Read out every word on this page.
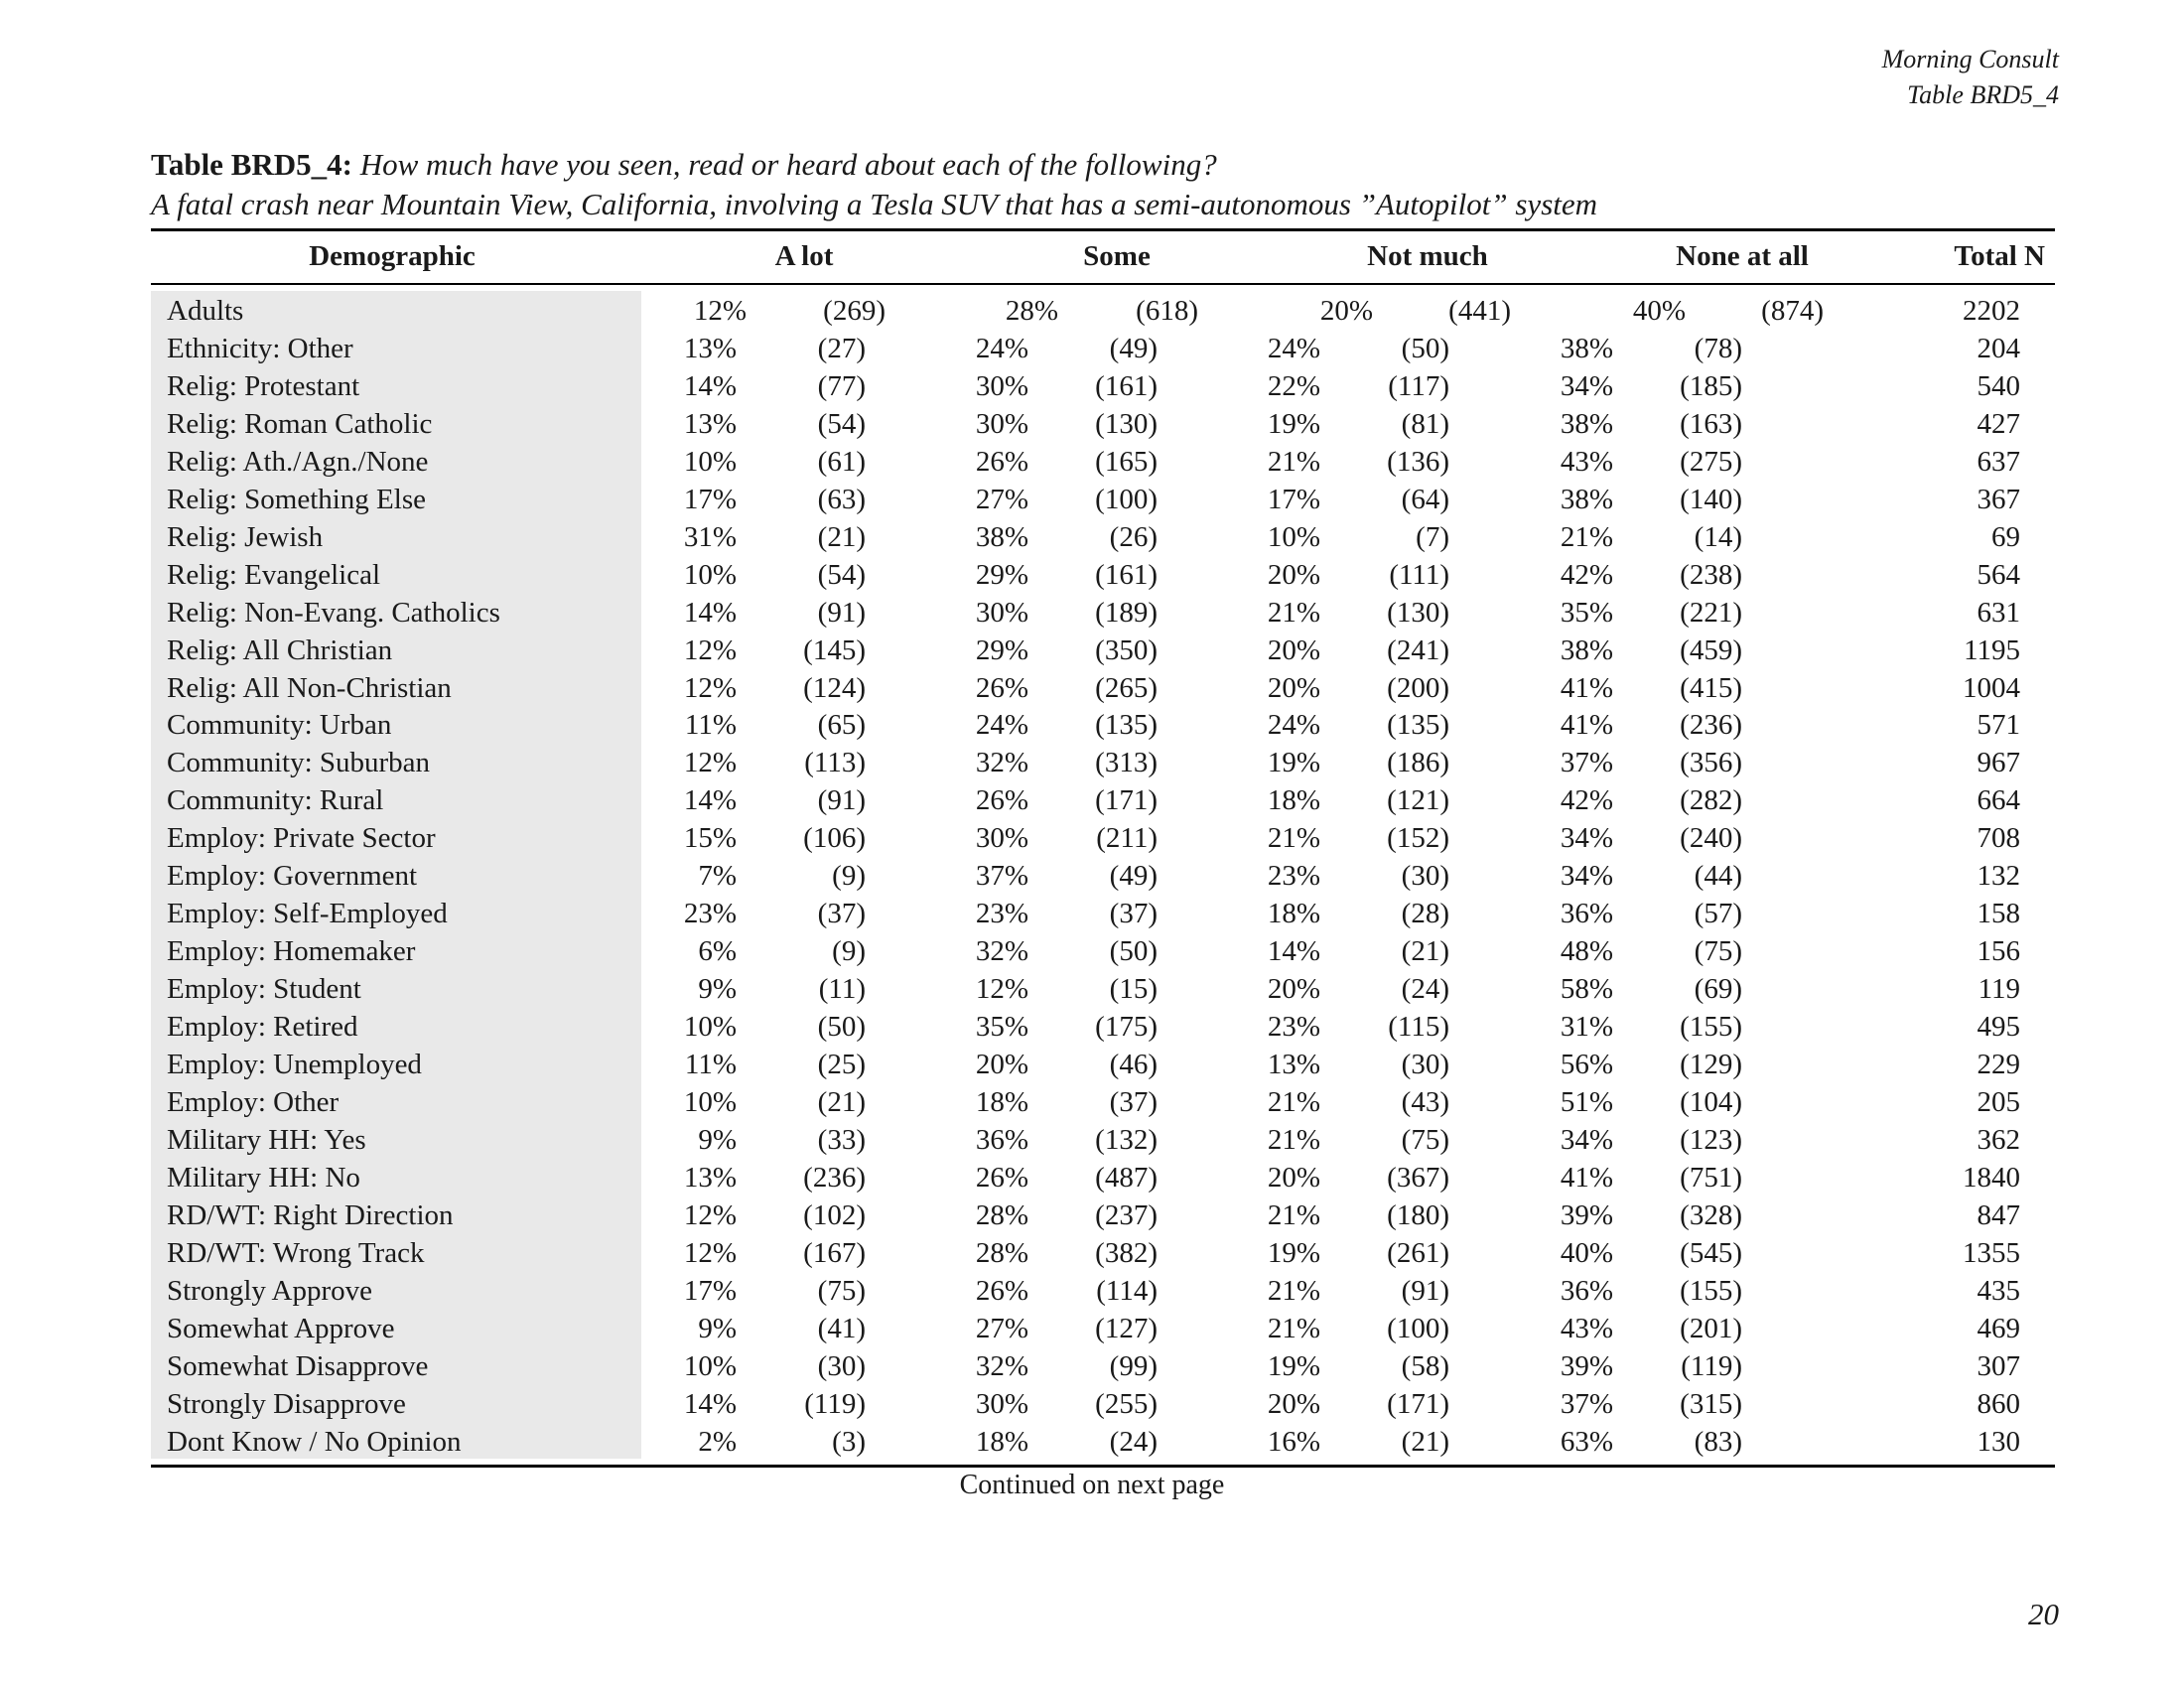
Morning Consult
Table BRD5_4
Table BRD5_4: How much have you seen, read or heard about each of the following?
A fatal crash near Mountain View, California, involving a Tesla SUV that has a semi-autonomous ”Autopilot” system
Demographic	A lot	Some	Not much	None at all	Total N
Adults	12%	(269)	28%	(618)	20%	(441)	40%	(874)	2202
Ethnicity: Other	13%	(27)	24%	(49)	24%	(50)	38%	(78)	204
Relig: Protestant	14%	(77)	30% (161)	22% (117)	34% (185)	540
Relig: Roman Catholic	13%	(54)	30% (130)	19%	(81)	38% (163)	427
Relig: Ath./Agn./None	10%	(61)	26% (165)	21% (136)	43% (275)	637
Relig: Something Else	17%	(63)	27% (100)	17%	(64)	38% (140)	367
Relig: Jewish	31%	(21)	38%	(26)	10%	(7)	21%	(14)	69
Relig: Evangelical	10%	(54)	29% (161)	20% (111)	42% (238)	564
Relig: Non-Evang. Catholics	14%	(91)	30% (189)	21% (130)	35% (221)	631
Relig: All Christian	12% (145)	29% (350)	20% (241)	38% (459)	1195
Relig: All Non-Christian	12% (124)	26% (265)	20% (200)	41% (415)	1004
Community: Urban	11%	(65)	24% (135)	24% (135)	41% (236)	571
Community: Suburban	12% (113)	32% (313)	19% (186)	37% (356)	967
Community: Rural	14%	(91)	26% (171)	18% (121)	42% (282)	664
Employ: Private Sector	15% (106)	30% (211)	21% (152)	34% (240)	708
Employ: Government	7%	(9)	37%	(49)	23%	(30)	34%	(44)	132
Employ: Self-Employed	23%	(37)	23%	(37)	18%	(28)	36%	(57)	158
Employ: Homemaker	6%	(9)	32%	(50)	14%	(21)	48%	(75)	156
Employ: Student	9%	(11)	12%	(15)	20%	(24)	58%	(69)	119
Employ: Retired	10%	(50)	35% (175)	23% (115)	31% (155)	495
Employ: Unemployed	11%	(25)	20%	(46)	13%	(30)	56% (129)	229
Employ: Other	10%	(21)	18%	(37)	21%	(43)	51% (104)	205
Military HH: Yes	9%	(33)	36% (132)	21%	(75)	34% (123)	362
Military HH: No	13% (236)	26% (487)	20% (367)	41% (751)	1840
RD/WT: Right Direction	12% (102)	28% (237)	21% (180)	39% (328)	847
RD/WT: Wrong Track	12% (167)	28% (382)	19% (261)	40% (545)	1355
Strongly Approve	17%	(75)	26% (114)	21%	(91)	36% (155)	435
Somewhat Approve	9%	(41)	27% (127)	21% (100)	43% (201)	469
Somewhat Disapprove	10%	(30)	32%	(99)	19%	(58)	39% (119)	307
Strongly Disapprove	14% (119)	30% (255)	20% (171)	37% (315)	860
Dont Know / No Opinion	2%	(3)	18%	(24)	16%	(21)	63%	(83)	130
Continued on next page
20
